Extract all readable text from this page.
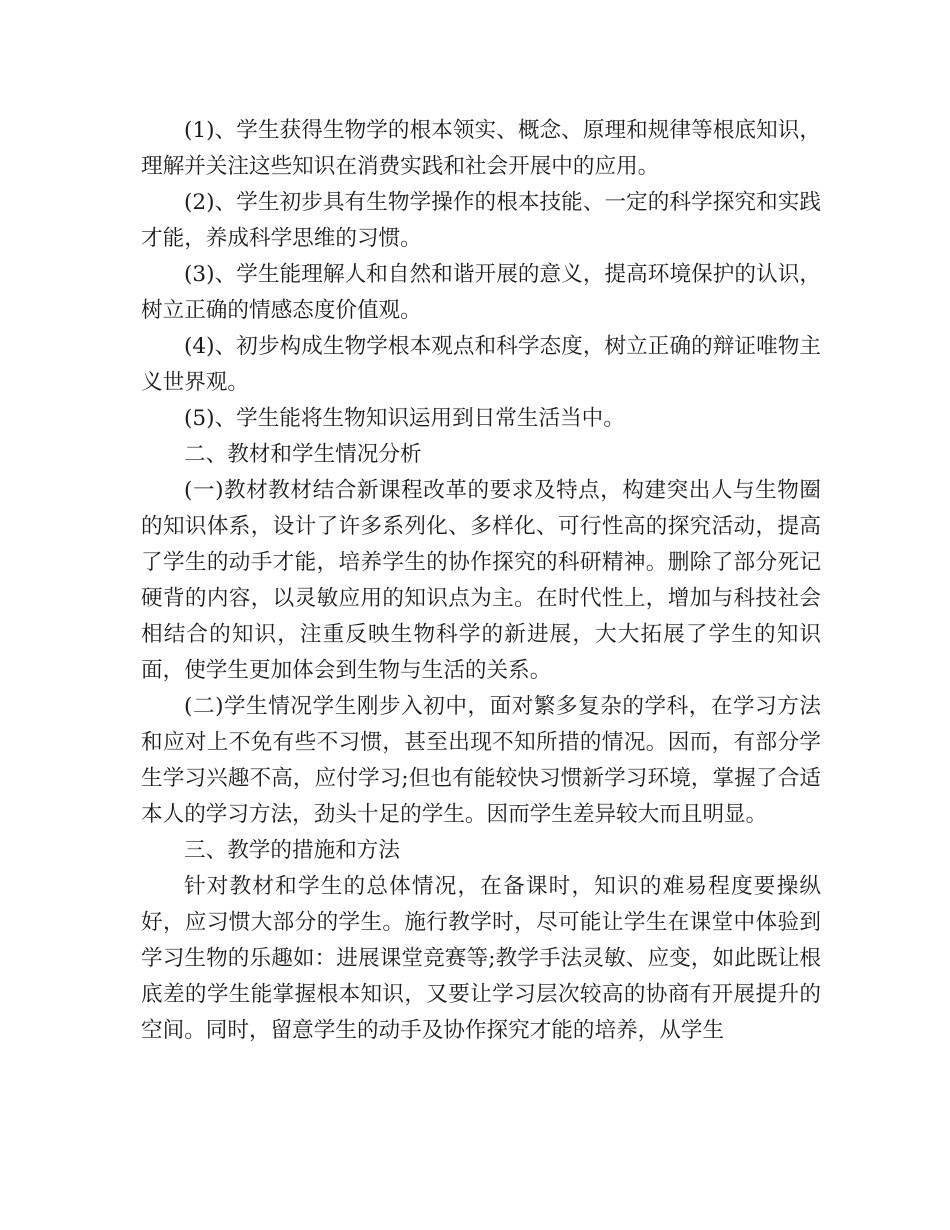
(1)、学生获得生物学的根本领实、概念、原理和规律等根底知识，理解并关注这些知识在消费实践和社会开展中的应用。

(2)、学生初步具有生物学操作的根本技能、一定的科学探究和实践才能，养成科学思维的习惯。

(3)、学生能理解人和自然和谐开展的意义，提高环境保护的认识，树立正确的情感态度价值观。

(4)、初步构成生物学根本观点和科学态度，树立正确的辩证唯物主义世界观。

(5)、学生能将生物知识运用到日常生活当中。

二、教材和学生情况分析

(一)教材教材结合新课程改革的要求及特点，构建突出人与生物圈的知识体系，设计了许多系列化、多样化、可行性高的探究活动，提高了学生的动手才能，培养学生的协作探究的科研精神。删除了部分死记硬背的内容，以灵敏应用的知识点为主。在时代性上，增加与科技社会相结合的知识，注重反映生物科学的新进展，大大拓展了学生的知识面，使学生更加体会到生物与生活的关系。

(二)学生情况学生刚步入初中，面对繁多复杂的学科，在学习方法和应对上不免有些不习惯，甚至出现不知所措的情况。因而，有部分学生学习兴趣不高，应付学习;但也有能较快习惯新学习环境，掌握了合适本人的学习方法，劲头十足的学生。因而学生差异较大而且明显。

三、教学的措施和方法

针对教材和学生的总体情况，在备课时，知识的难易程度要操纵好，应习惯大部分的学生。施行教学时，尽可能让学生在课堂中体验到学习生物的乐趣如：进展课堂竞赛等;教学手法灵敏、应变，如此既让根底差的学生能掌握根本知识，又要让学习层次较高的协商有开展提升的空间。同时，留意学生的动手及协作探究才能的培养，从学生
